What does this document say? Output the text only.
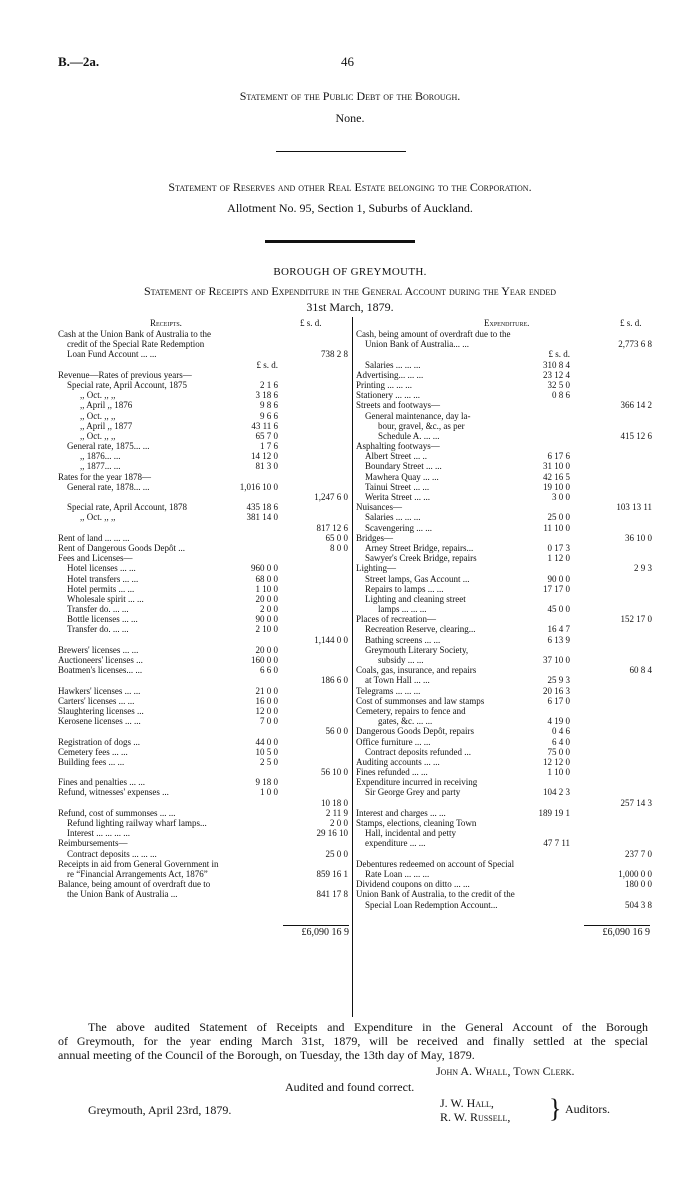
B.—2a.	46
Statement of the Public Debt of the Borough.
None.
Statement of Reserves and other Real Estate belonging to the Corporation.
Allotment No. 95, Section 1, Suburbs of Auckland.
BOROUGH OF GREYMOUTH.
Statement of Receipts and Expenditure in the General Account during the Year ended
31st March, 1879.
Receipts.	£ s. d.	Expenditure.	£ s. d.
Cash at the Union Bank of Australia to the
credit of the Special Rate Redemption
Loan Fund Account ... ...	738 2 8
£ s. d.
Revenue—Rates of previous years—
Special rate, April Account, 1875	2 1 6
,, Oct. ,, ,,	3 18 6
,, April ,, 1876	9 8 6
,, Oct. ,, ,,	9 6 6
,, April ,, 1877	43 11 6
,, Oct. ,, ,,	65 7 0
General rate, 1875... ...	1 7 6
,, 1876... ...	14 12 0
,, 1877... ...	81 3 0
Rates for the year 1878—
General rate, 1878... ...	1,016 10 0
1,247 6 0
Special rate, April Account, 1878	435 18 6
,, Oct. ,, ,,	381 14 0
817 12 6
Rent of land ... ... ...	65 0 0
Rent of Dangerous Goods Depôt ...	8 0 0
Fees and Licenses—
Hotel licenses ... ...	960 0 0
Hotel transfers ... ...	68 0 0
Hotel permits ... ...	1 10 0
Wholesale spirit ... ...	20 0 0
Transfer do. ... ...	2 0 0
Bottle licenses ... ...	90 0 0
Transfer do. ... ...	2 10 0
1,144 0 0
Brewers' licenses ... ...	20 0 0
Auctioneers' licenses ...	160 0 0
Boatmen's licenses... ...	6 6 0
186 6 0
Hawkers' licenses ... ...	21 0 0
Carters' licenses ... ...	16 0 0
Slaughtering licenses ...	12 0 0
Kerosene licenses ... ...	7 0 0
56 0 0
Registration of dogs ...	44 0 0
Cemetery fees ... ...	10 5 0
Building fees ... ...	2 5 0
56 10 0
Fines and penalties ... ...	9 18 0
Refund, witnesses' expenses ...	1 0 0
10 18 0
Refund, cost of summonses ... ...	2 11 9
Refund lighting railway wharf lamps...	2 0 0
Interest ... ... ... ...	29 16 10
Reimbursements—
Contract deposits ... ... ...	25 0 0
Receipts in aid from General Government in
re “Financial Arrangements Act, 1876”	859 16 1
Balance, being amount of overdraft due to
the Union Bank of Australia ...	841 17 8
Cash, being amount of overdraft due to the
Union Bank of Australia... ...	2,773 6 8
£ s. d.
Salaries ... ... ...	310 8 4
Advertising... ... ...	23 12 4
Printing ... ... ...	32 5 0
Stationery ... ... ...	0 8 6
Streets and footways—	366 14 2
General maintenance, day la-
bour, gravel, &c., as per
Schedule A. ... ...	415 12 6
Asphalting footways—
Albert Street ... ..	6 17 6
Boundary Street ... ...	31 10 0
Mawhera Quay ... ...	42 16 5
Tainui Street ... ...	19 10 0
Werita Street ... ...	3 0 0
Nuisances—	103 13 11
Salaries ... ... ...	25 0 0
Scavengering ... ...	11 10 0
Bridges—	36 10 0
Arney Street Bridge, repairs...	0 17 3
Sawyer's Creek Bridge, repairs	1 12 0
Lighting—	2 9 3
Street lamps, Gas Account ...	90 0 0
Repairs to lamps ... ...	17 17 0
Lighting and cleaning street
lamps ... ... ...	45 0 0
Places of recreation—	152 17 0
Recreation Reserve, clearing...	16 4 7
Bathing screens ... ...	6 13 9
Greymouth Literary Society,
subsidy ... ...	37 10 0
Coals, gas, insurance, and repairs	60 8 4
at Town Hall ... ...	25 9 3
Telegrams ... ... ...	20 16 3
Cost of summonses and law stamps	6 17 0
Cemetery, repairs to fence and
gates, &c. ... ...	4 19 0
Dangerous Goods Depôt, repairs	0 4 6
Office furniture ... ...	6 4 0
Contract deposits refunded ...	75 0 0
Auditing accounts ... ...	12 12 0
Fines refunded ... ...	1 10 0
Expenditure incurred in receiving
Sir George Grey and party	104 2 3
257 14 3
Interest and charges ... ...	189 19 1
Stamps, elections, cleaning Town
Hall, incidental and petty
expenditure ... ...	47 7 11
237 7 0
Debentures redeemed on account of Special
Rate Loan ... ... ...	1,000 0 0
Dividend coupons on ditto ... ...	180 0 0
Union Bank of Australia, to the credit of the
Special Loan Redemption Account...	504 3 8
£6,090 16 9	£6,090 16 9
The above audited Statement of Receipts and Expenditure in the General Account of the Borough
of Greymouth, for the year ending March 31st, 1879, will be received and finally settled at the special
annual meeting of the Council of the Borough, on Tuesday, the 13th day of May, 1879.
John A. Whall, Town Clerk.
Audited and found correct.
J. W. Hall,
R. W. Russell, } Auditors.
Greymouth, April 23rd, 1879.
